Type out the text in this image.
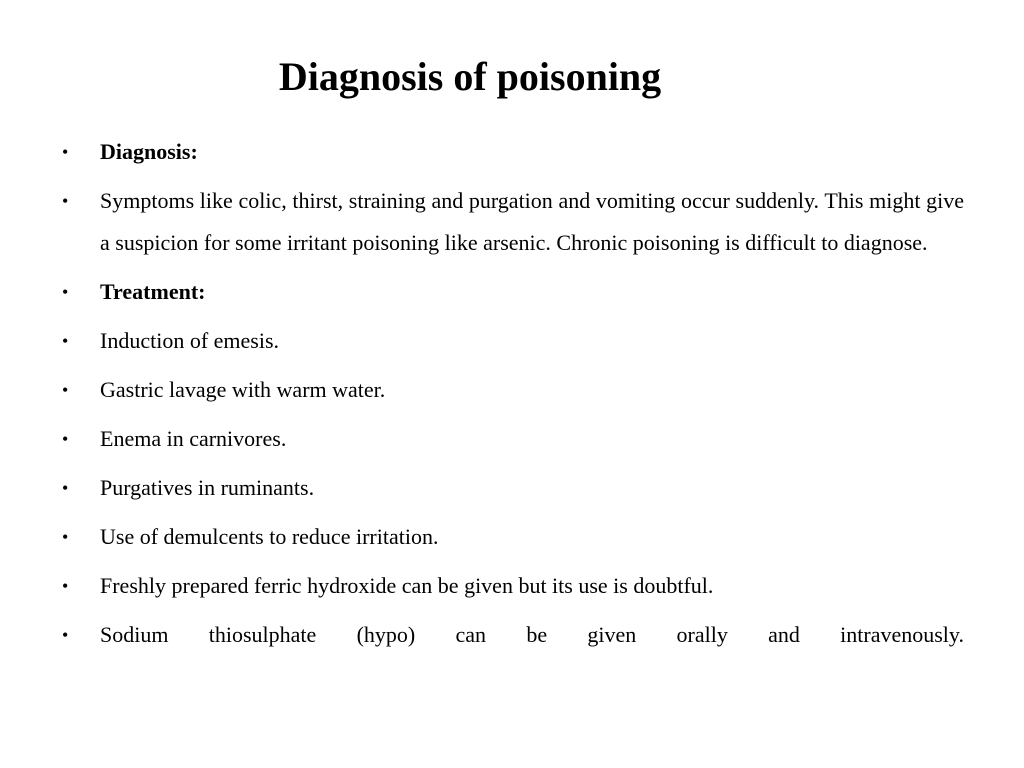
Diagnosis of poisoning
•	Diagnosis:
•	Symptoms like colic, thirst, straining and purgation and vomiting occur suddenly. This might give a suspicion for some irritant poisoning like arsenic. Chronic poisoning is difficult to diagnose.
•	Treatment:
•	Induction of emesis.
•	Gastric lavage with warm water.
•	Enema in carnivores.
•	Purgatives in ruminants.
•	Use of demulcents to reduce irritation.
•	Freshly prepared ferric hydroxide can be given but its use is doubtful.
•	Sodium thiosulphate (hypo) can be given orally and intravenously.
